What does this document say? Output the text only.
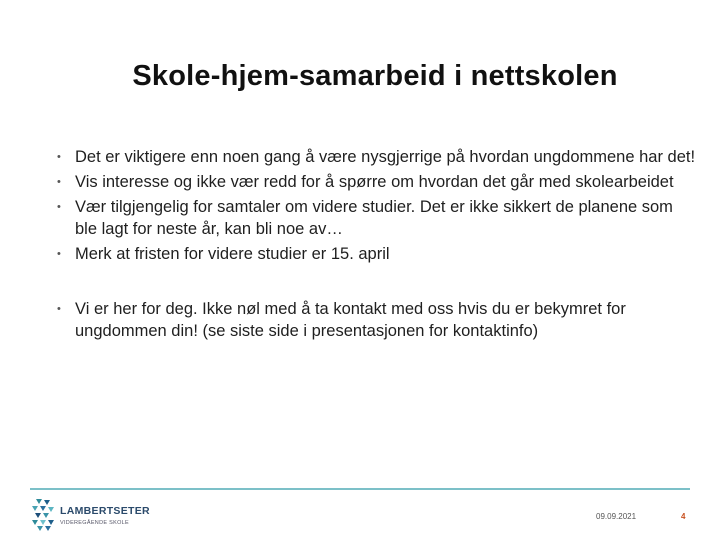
Skole-hjem-samarbeid i nettskolen
• Det er viktigere enn noen gang å være nysgjerrige på hvordan ungdommene har det!
• Vis interesse og ikke vær redd for å spørre om hvordan det går med skolearbeidet
• Vær tilgjengelig for samtaler om videre studier. Det er ikke sikkert de planene som ble lagt for neste år, kan bli noe av…
• Merk at fristen for videre studier er 15. april
• Vi er her for deg. Ikke nøl med å ta kontakt med oss hvis du er bekymret for ungdommen din! (se siste side i presentasjonen for kontaktinfo)
LAMBERTSETER
VIDEREGÅENDE SKOLE
09.09.2021	4
